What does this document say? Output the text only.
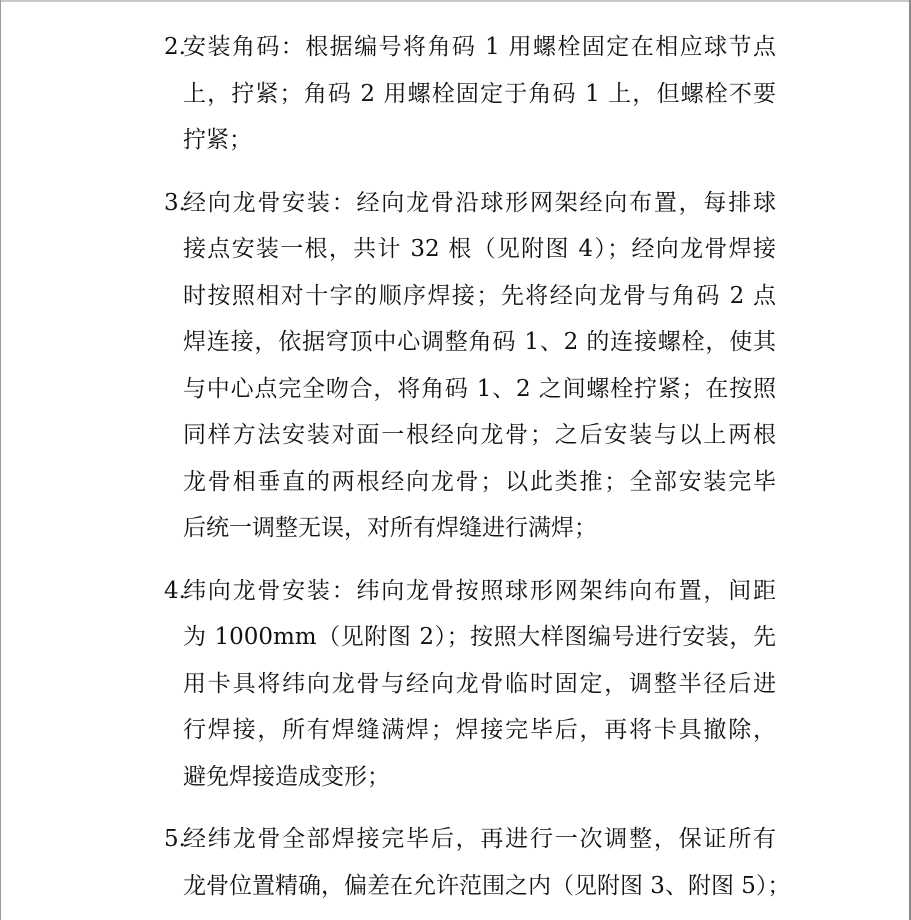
2.
安装角码：根据编号将角码 1 用螺栓固定在相应球节点
上，拧紧；角码 2 用螺栓固定于角码 1 上，但螺栓不要
拧紧；
3.
经向龙骨安装：经向龙骨沿球形网架经向布置，每排球
接点安装一根，共计 32 根（见附图 4）；经向龙骨焊接
时按照相对十字的顺序焊接；先将经向龙骨与角码 2 点
焊连接，依据穹顶中心调整角码 1、2 的连接螺栓，使其
与中心点完全吻合，将角码 1、2 之间螺栓拧紧；在按照
同样方法安装对面一根经向龙骨；之后安装与以上两根
龙骨相垂直的两根经向龙骨；以此类推；全部安装完毕
后统一调整无误，对所有焊缝进行满焊；
4.
纬向龙骨安装：纬向龙骨按照球形网架纬向布置，间距
为 1000mm（见附图 2）；按照大样图编号进行安装，先
用卡具将纬向龙骨与经向龙骨临时固定，调整半径后进
行焊接，所有焊缝满焊；焊接完毕后，再将卡具撤除，
避免焊接造成变形；
5.
经纬龙骨全部焊接完毕后，再进行一次调整，保证所有
龙骨位置精确，偏差在允许范围之内（见附图 3、附图 5）；
